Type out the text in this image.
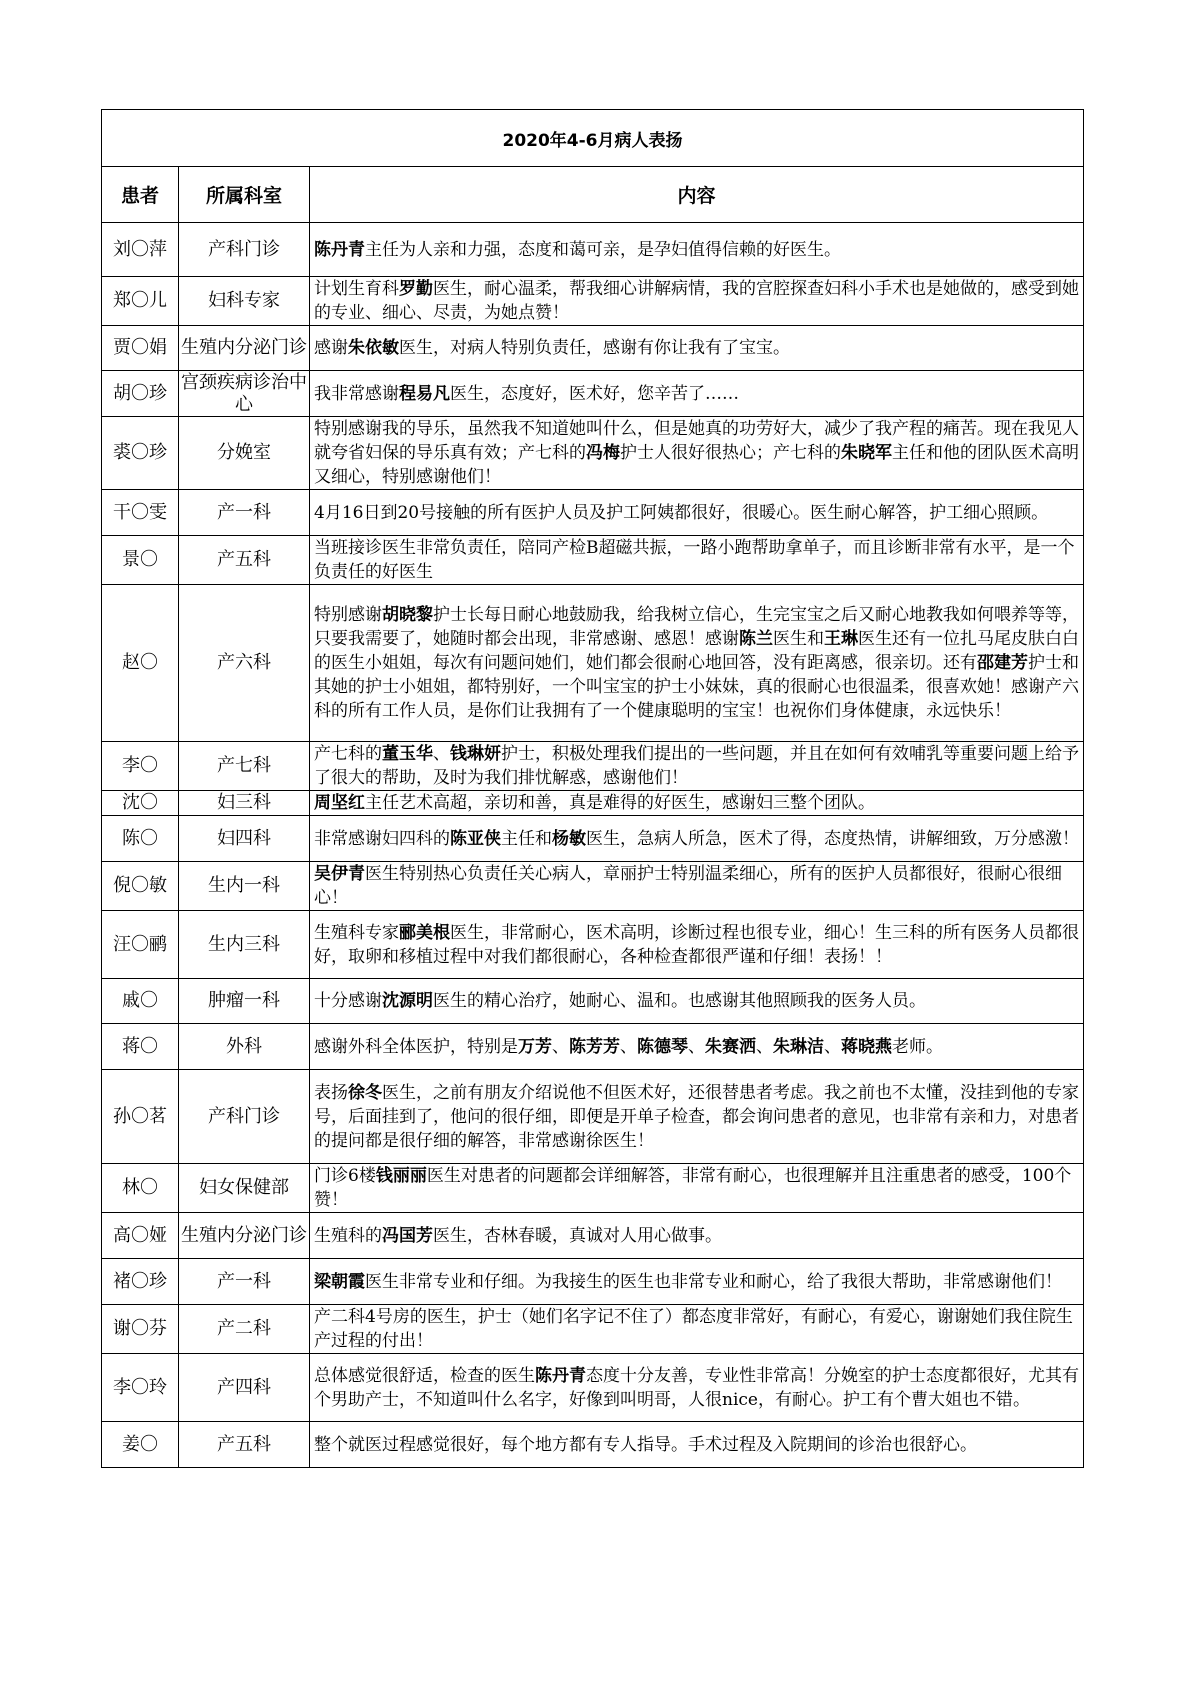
2020年4-6月病人表扬		
患者	所属科室	内容
刘〇萍	产科门诊	陈丹青主任为人亲和力强，态度和蔼可亲，是孕妇值得信赖的好医生。
郑〇儿	妇科专家	计划生育科罗勤医生，耐心温柔，帮我细心讲解病情，我的宫腔探查妇科小手术也是她做的，感受到她的专业、细心、尽责，为她点赞！
贾〇娟	生殖内分泌门诊	感谢朱依敏医生，对病人特别负责任，感谢有你让我有了宝宝。
胡〇珍	宫颈疾病诊治中心	我非常感谢程易凡医生，态度好，医术好，您辛苦了……
裘〇珍	分娩室	特别感谢我的导乐，虽然我不知道她叫什么，但是她真的功劳好大，减少了我产程的痛苦。现在我见人就夸省妇保的导乐真有效；产七科的冯梅护士人很好很热心；产七科的朱晓军主任和他的团队医术高明又细心，特别感谢他们！
干〇雯	产一科	4月16日到20号接触的所有医护人员及护工阿姨都很好，很暖心。医生耐心解答，护工细心照顾。
景〇	产五科	当班接诊医生非常负责任，陪同产检B超磁共振，一路小跑帮助拿单子，而且诊断非常有水平，是一个负责任的好医生
赵〇	产六科	特别感谢胡晓黎护士长每日耐心地鼓励我，给我树立信心，生完宝宝之后又耐心地教我如何喂养等等，只要我需要了，她随时都会出现，非常感谢、感恩！感谢陈兰医生和王琳医生还有一位扎马尾皮肤白白的医生小姐姐，每次有问题问她们，她们都会很耐心地回答，没有距离感，很亲切。还有邵建芳护士和其她的护士小姐姐，都特别好，一个叫宝宝的护士小妹妹，真的很耐心也很温柔，很喜欢她！感谢产六科的所有工作人员，是你们让我拥有了一个健康聪明的宝宝！也祝你们身体健康，永远快乐！
李〇	产七科	产七科的董玉华、钱琳妍护士，积极处理我们提出的一些问题，并且在如何有效哺乳等重要问题上给予了很大的帮助，及时为我们排忧解惑，感谢他们！
沈〇	妇三科	周坚红主任艺术高超，亲切和善，真是难得的好医生，感谢妇三整个团队。
陈〇	妇四科	非常感谢妇四科的陈亚侠主任和杨敏医生，急病人所急，医术了得，态度热情，讲解细致，万分感激！
倪〇敏	生内一科	吴伊青医生特别热心负责任关心病人，章丽护士特别温柔细心，所有的医护人员都很好，很耐心很细心！
汪〇鹂	生内三科	生殖科专家郦美根医生，非常耐心，医术高明，诊断过程也很专业，细心！生三科的所有医务人员都很好，取卵和移植过程中对我们都很耐心，各种检查都很严谨和仔细！表扬！！
戚〇	肿瘤一科	十分感谢沈源明医生的精心治疗，她耐心、温和。也感谢其他照顾我的医务人员。
蒋〇	外科	感谢外科全体医护，特别是万芳、陈芳芳、陈德琴、朱赛洒、朱琳洁、蒋晓燕老师。
孙〇茗	产科门诊	表扬徐冬医生，之前有朋友介绍说他不但医术好，还很替患者考虑。我之前也不太懂，没挂到他的专家号，后面挂到了，他问的很仔细，即便是开单子检查，都会询问患者的意见，也非常有亲和力，对患者的提问都是很仔细的解答，非常感谢徐医生！
林〇	妇女保健部	门诊6楼钱丽丽医生对患者的问题都会详细解答，非常有耐心，也很理解并且注重患者的感受，100个赞！
高〇娅	生殖内分泌门诊	生殖科的冯国芳医生，杏林春暖，真诚对人用心做事。
褚〇珍	产一科	梁朝霞医生非常专业和仔细。为我接生的医生也非常专业和耐心，给了我很大帮助，非常感谢他们！
谢〇芬	产二科	产二科4号房的医生，护士（她们名字记不住了）都态度非常好，有耐心，有爱心，谢谢她们我住院生产过程的付出！
李〇玲	产四科	总体感觉很舒适，检查的医生陈丹青态度十分友善，专业性非常高！分娩室的护士态度都很好，尤其有个男助产士，不知道叫什么名字，好像到叫明哥，人很nice，有耐心。护工有个曹大姐也不错。
姜〇	产五科	整个就医过程感觉很好，每个地方都有专人指导。手术过程及入院期间的诊治也很舒心。
